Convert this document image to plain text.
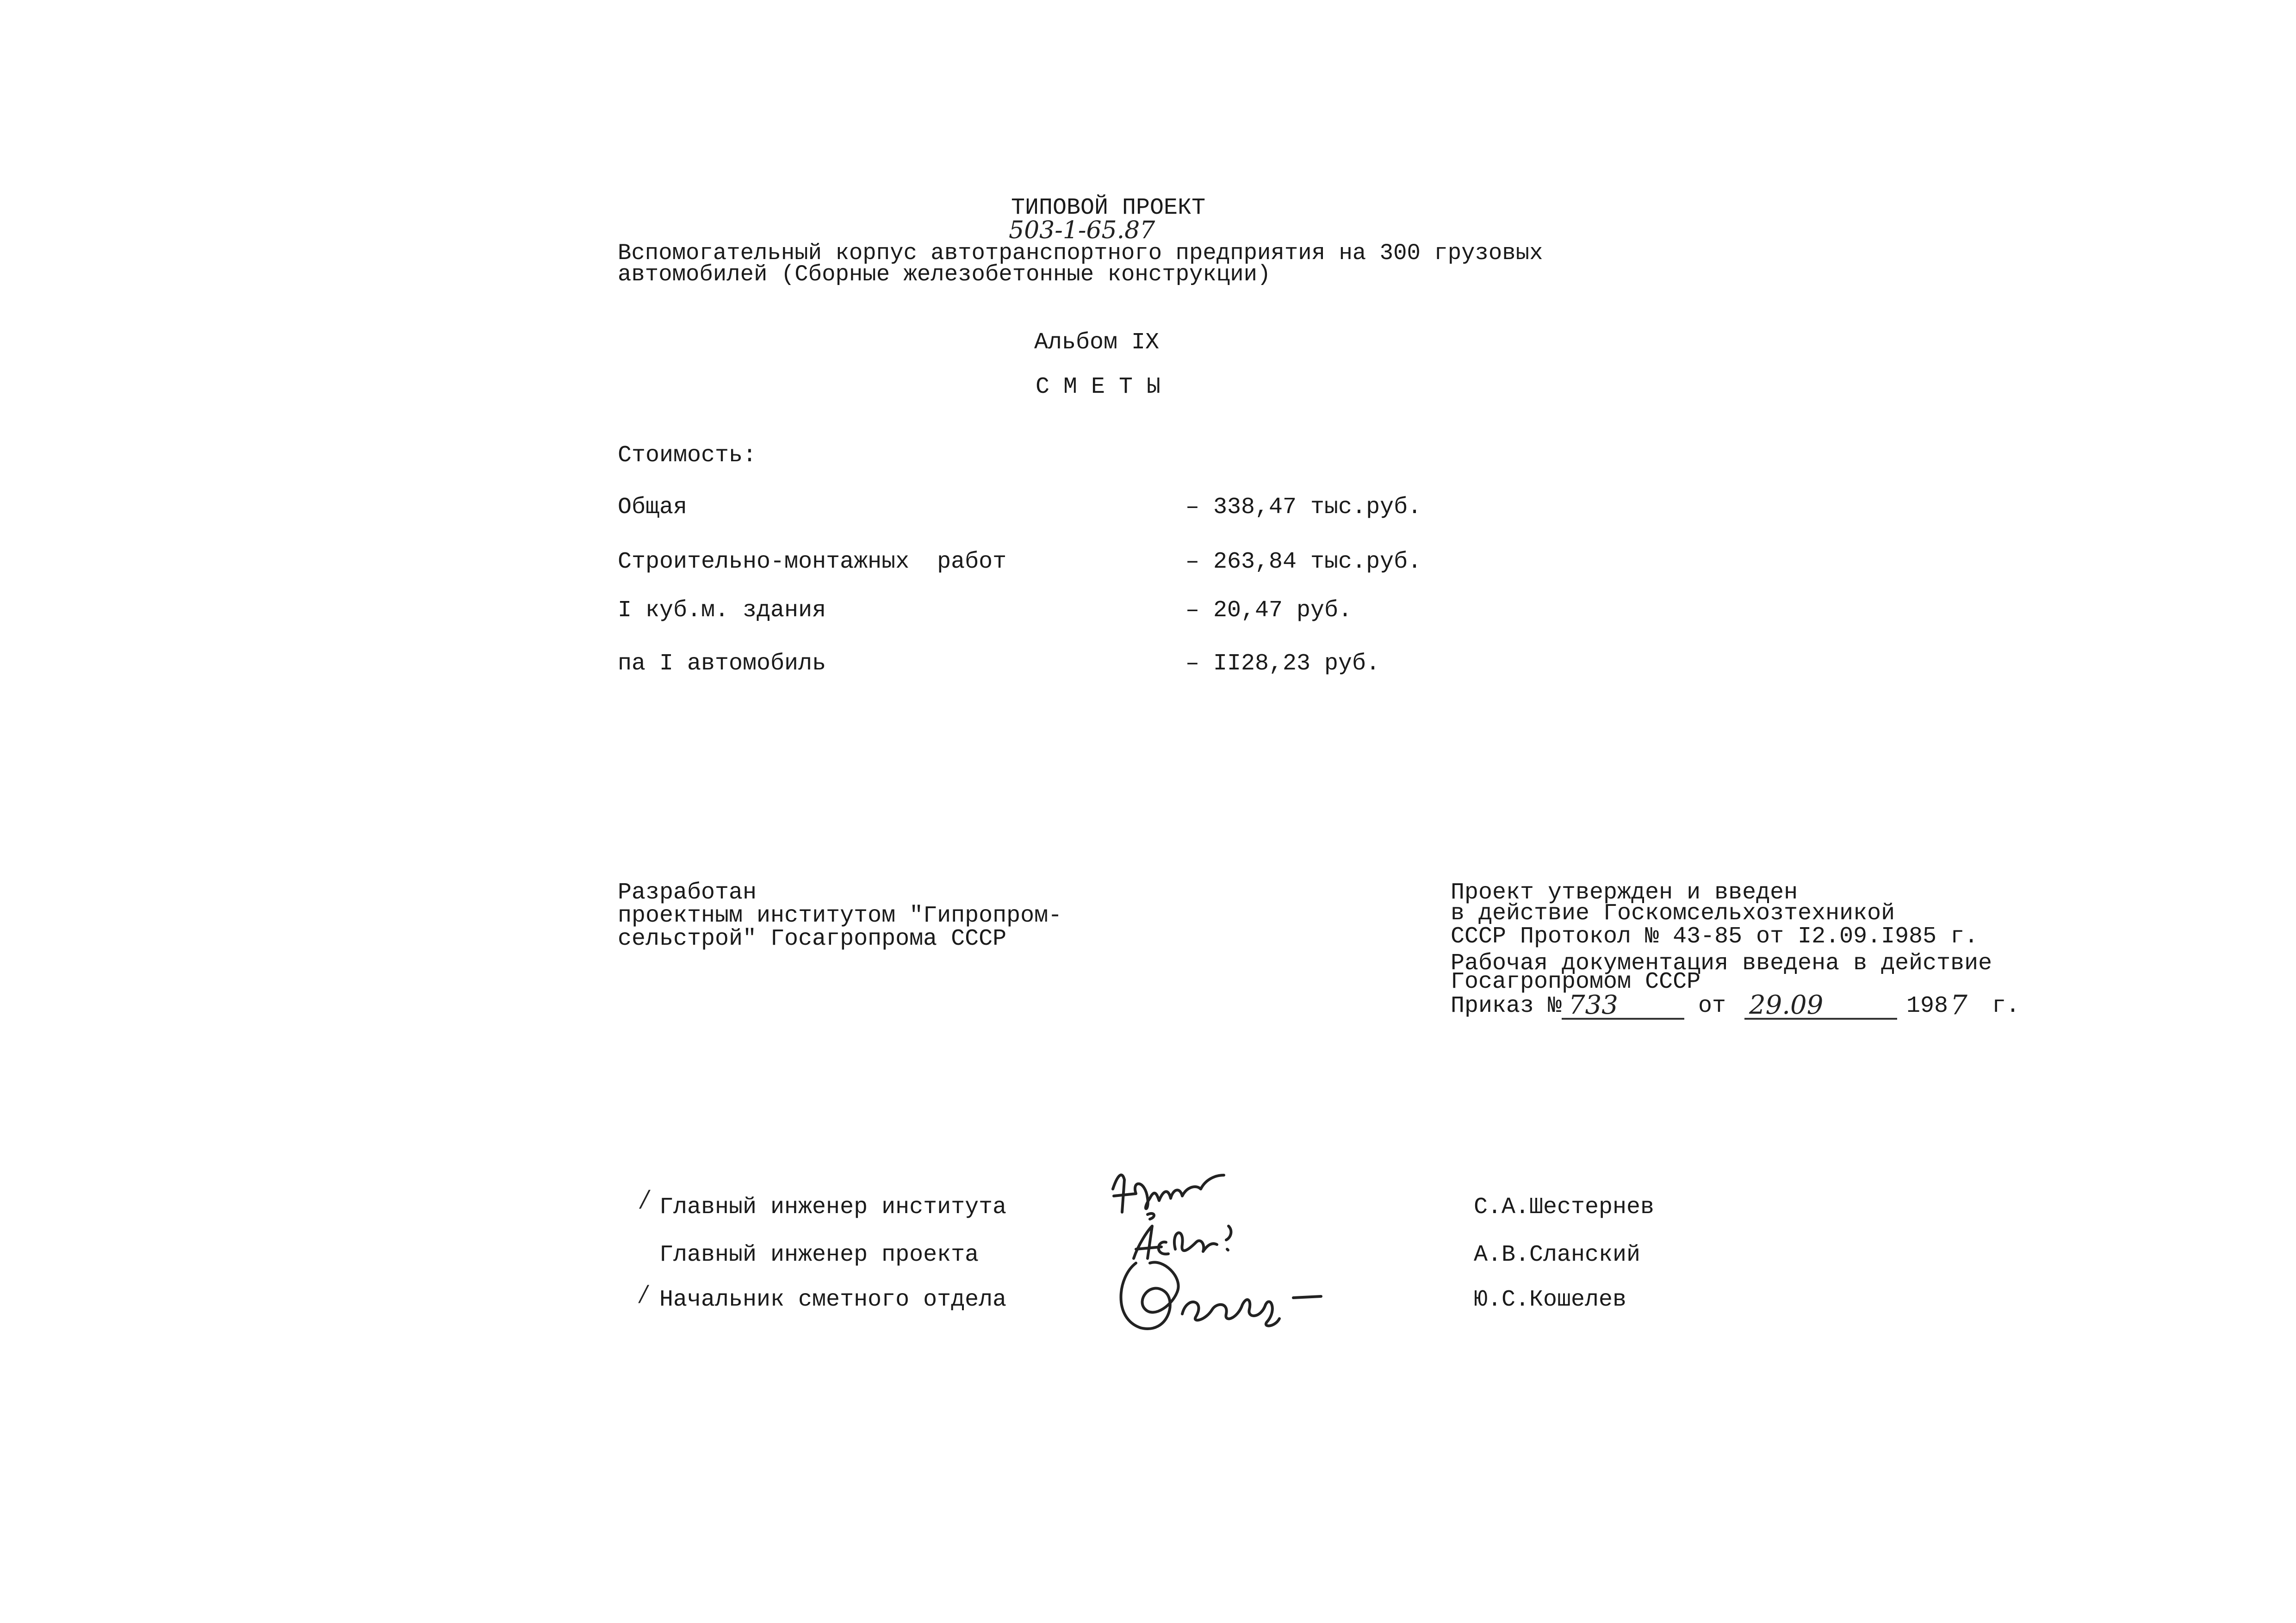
ТИПОВОЙ ПРОЕКТ
503-1-65.87
Вспомогательный корпус автотранспортного предприятия на 300 грузовых
автомобилей (Сборные железобетонные конструкции)
Альбом IX
С М Е Т Ы
Стоимость:
Общая	– 338,47 тыс.руб.
Строительно-монтажных  работ	– 263,84 тыс.руб.
I куб.м. здания	– 20,47 руб.
па I автомобиль	– II28,23 руб.
Разработан
проектным институтом "Гипропром-
сельстрой" Госагропрома СССР
Проект утвержден и введен
в действие Госкомсельхозтехникой
СССР Протокол № 43-85 от I2.09.I985 г.
Рабочая документация введена в действие
Госагропромом СССР
Приказ № 733	от 29.09	198 7 г.
/ Главный инженер института	С.А.Шестернев
Главный инженер проекта	А.В.Сланский
/ Начальник сметного отдела	Ю.С.Кошелев
